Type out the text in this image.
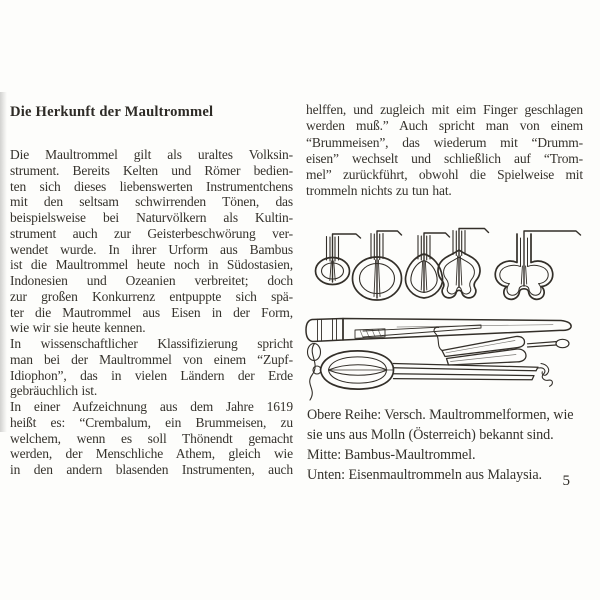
Die Herkunft der Maultrommel
Die Maultrommel gilt als uraltes Volksin-
strument. Bereits Kelten und Römer bedien-
ten sich dieses liebenswerten Instrumentchens
mit den seltsam schwirrenden Tönen, das
beispielsweise bei Naturvölkern als Kultin-
strument auch zur Geisterbeschwörung ver-
wendet wurde. In ihrer Urform aus Bambus
ist die Maultrommel heute noch in Südostasien,
Indonesien und Ozeanien verbreitet; doch
zur großen Konkurrenz entpuppte sich spä-
ter die Mautrommel aus Eisen in der Form,
wie wir sie heute kennen.
In wissenschaftlicher Klassifizierung spricht
man bei der Maultrommel von einem “Zupf-
Idiophon”, das in vielen Ländern der Erde
gebräuchlich ist.
In einer Aufzeichnung aus dem Jahre 1619
heißt es: “Crembalum, ein Brummeisen, zu
welchem, wenn es soll Thönendt gemacht
werden, der Menschliche Athem, gleich wie
in den andern blasenden Instrumenten, auch
helffen, und zugleich mit eim Finger geschlagen
werden muß.” Auch spricht man von einem
“Brummeisen”, das wiederum mit “Drumm-
eisen” wechselt und schließlich auf “Trom-
mel” zurückführt, obwohl die Spielweise mit
trommeln nichts zu tun hat.
Obere Reihe: Versch. Maultrommelformen, wie
sie uns aus Molln (Österreich) bekannt sind.
Mitte: Bambus-Maultrommel.
Unten: Eisenmaultrommeln aus Malaysia.	5
